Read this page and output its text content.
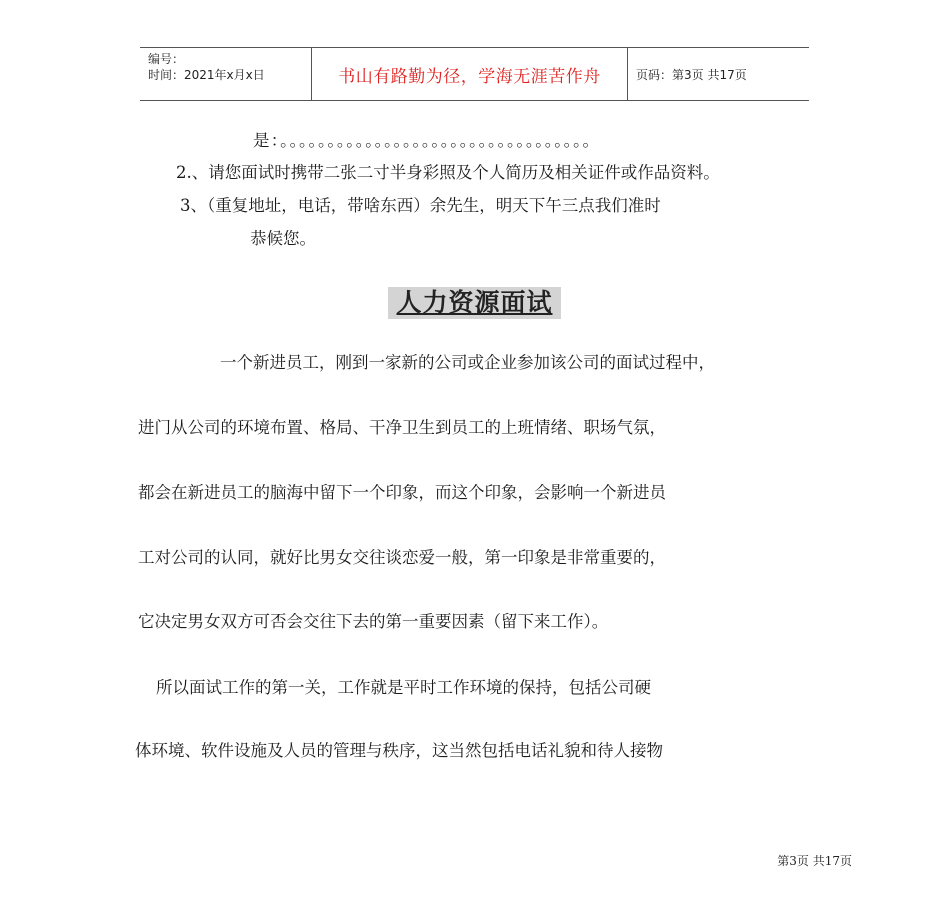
编号：
时间：2021年x月x日	书山有路勤为径，学海无涯苦作舟	页码：第3页 共17页
是：。。。。。。。。。。。。。。。。。。。。。。。。。。。。。。。。。
2.、请您面试时携带二张二寸半身彩照及个人简历及相关证件或作品资料。
3、（重复地址，电话，带啥东西）余先生，明天下午三点我们准时
恭候您。
人力资源面试
一个新进员工，刚到一家新的公司或企业参加该公司的面试过程中，
进门从公司的环境布置、格局、干净卫生到员工的上班情绪、职场气氛，
都会在新进员工的脑海中留下一个印象，而这个印象，会影响一个新进员
工对公司的认同，就好比男女交往谈恋爱一般，第一印象是非常重要的，
它决定男女双方可否会交往下去的第一重要因素（留下来工作）。
所以面试工作的第一关，工作就是平时工作环境的保持，包括公司硬
体环境、软件设施及人员的管理与秩序，这当然包括电话礼貌和待人接物
第3页 共17页
